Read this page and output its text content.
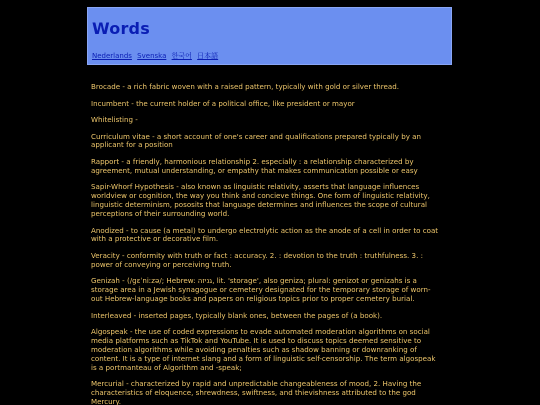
Words
Nederlands Svenska 한국어 日本語

Brocade - a rich fabric woven with a raised pattern, typically with gold or silver thread.

Incumbent - the current holder of a political office, like president or mayor

Whitelisting -

Curriculum vitae - a short account of one's career and qualifications prepared typically by an applicant for a position

Rapport - a friendly, harmonious relationship 2. especially : a relationship characterized by agreement, mutual understanding, or empathy that makes communication possible or easy

Sapir-Whorf Hypothesis - also known as linguistic relativity, asserts that language influences worldview or cognition, the way you think and concieve things. One form of linguistic relativity, linguistic determinism, pososits that language determines and influences the scope of cultural perceptions of their surrounding world.

Anodized - to cause (a metal) to undergo electrolytic action as the anode of a cell in order to coat with a protective or decorative film.

Veracity - conformity with truth or fact : accuracy. 2. : devotion to the truth : truthfulness. 3. : power of conveying or perceiving truth.

Genizah - (/ɡɛˈniːzə/; Hebrew: גניזה, lit. 'storage', also geniza; plural: genizot or genizahs is a storage area in a Jewish synagogue or cemetery designated for the temporary storage of worn-out Hebrew-language books and papers on religious topics prior to proper cemetery burial.

Interleaved - inserted pages, typically blank ones, between the pages of (a book).

Algospeak - the use of coded expressions to evade automated moderation algorithms on social media platforms such as TikTok and YouTube. It is used to discuss topics deemed sensitive to moderation algorithms while avoiding penalties such as shadow banning or downranking of content. It is a type of internet slang and a form of linguistic self-censorship. The term algospeak is a portmanteau of Algorithm and -speak;

Mercurial - characterized by rapid and unpredictable changeableness of mood, 2. Having the characteristics of eloquence, shrewdness, swiftness, and thievishness attributed to the god Mercury.
